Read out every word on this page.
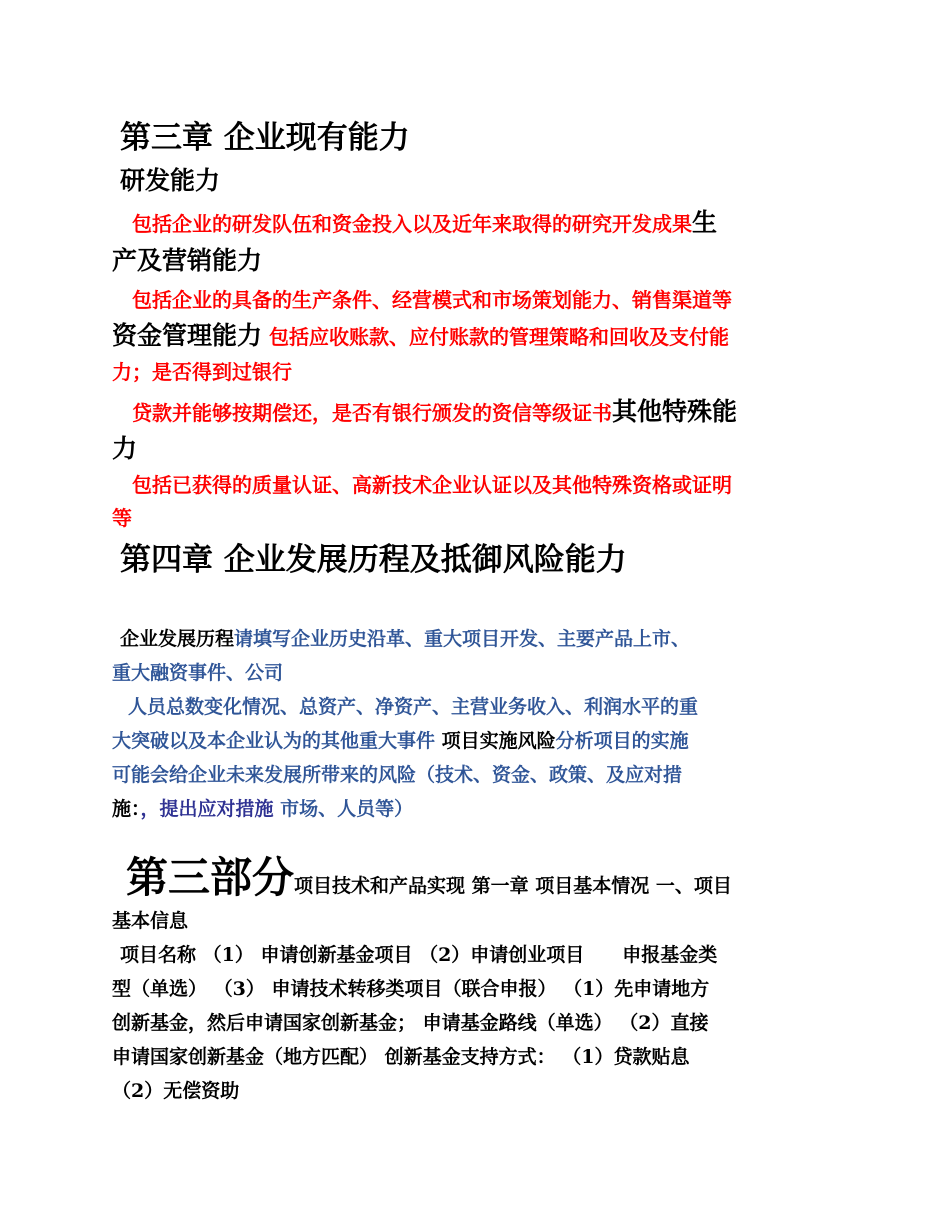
第三章 企业现有能力
研发能力
包括企业的研发队伍和资金投入以及近年来取得的研究开发成果生
产及营销能力
包括企业的具备的生产条件、经营模式和市场策划能力、销售渠道等
资金管理能力 包括应收账款、应付账款的管理策略和回收及支付能
力；是否得到过银行
贷款并能够按期偿还，是否有银行颁发的资信等级证书其他特殊能
力
包括已获得的质量认证、高新技术企业认证以及其他特殊资格或证明
等
第四章 企业发展历程及抵御风险能力
企业发展历程请填写企业历史沿革、重大项目开发、主要产品上市、
重大融资事件、公司
人员总数变化情况、总资产、净资产、主营业务收入、利润水平的重
大突破以及本企业认为的其他重大事件 项目实施风险分析项目的实施
可能会给企业未来发展所带来的风险（技术、资金、政策、及应对措
施：，提出应对措施 市场、人员等）
第三部分项目技术和产品实现 第一章 项目基本情况 一、项目
基本信息
项目名称 （1） 申请创新基金项目 （2）申请创业项目　　申报基金类
型（单选） （3） 申请技术转移类项目（联合申报） （1）先申请地方
创新基金，然后申请国家创新基金； 申请基金路线（单选） （2）直接
申请国家创新基金（地方匹配） 创新基金支持方式： （1）贷款贴息
（2）无偿资助
